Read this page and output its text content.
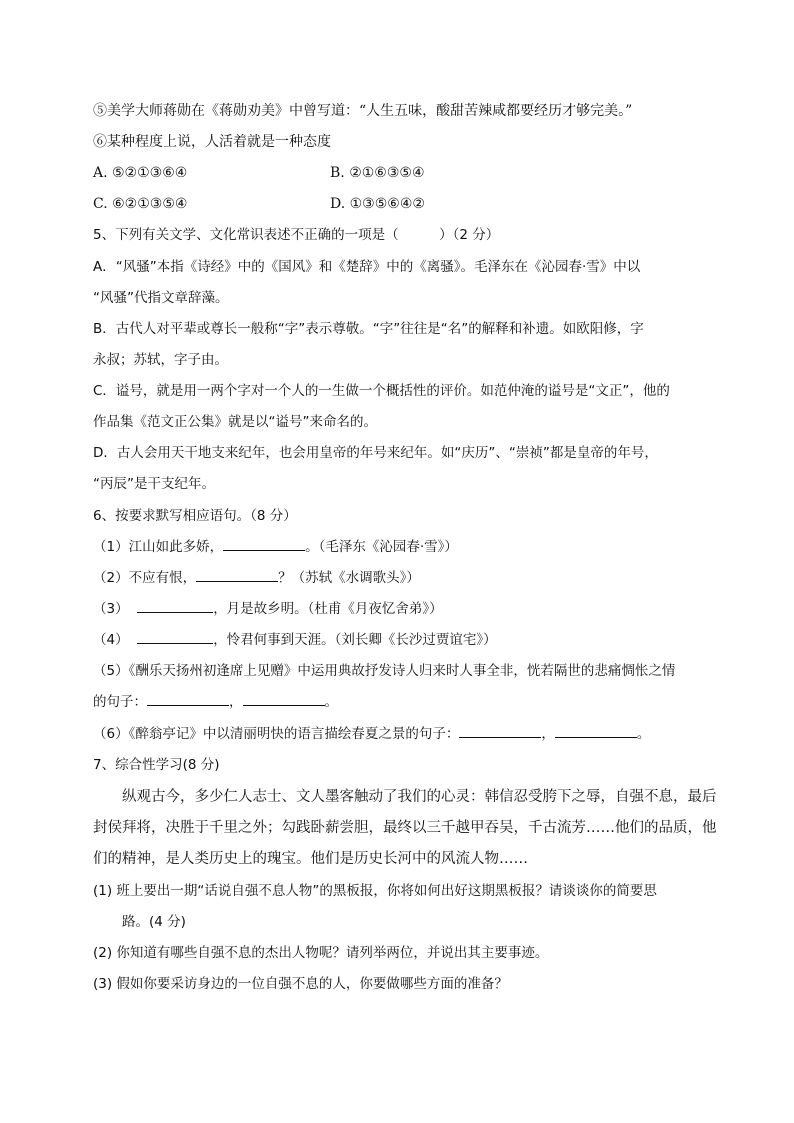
⑤美学大师蒋勋在《蒋勋劝美》中曾写道：“人生五味，酸甜苦辣咸都要经历才够完美。”
⑥某种程度上说，人活着就是一种态度
A. ⑤②①③⑥④	B. ②①⑥③⑤④
C. ⑥②①③⑤④	D. ①③⑤⑥④②
5、下列有关文学、文化常识表述不正确的一项是（　　　）（2 分）
A．“风骚”本指《诗经》中的《国风》和《楚辞》中的《离骚》。毛泽东在《沁园春·雪》中以
“风骚”代指文章辞藻。
B．古代人对平辈或尊长一般称“字”表示尊敬。“字”往往是“名”的解释和补遗。如欧阳修，字
永叔；苏轼，字子由。
C．谥号，就是用一两个字对一个人的一生做一个概括性的评价。如范仲淹的谥号是“文正”，他的
作品集《范文正公集》就是以“谥号”来命名的。
D．古人会用天干地支来纪年，也会用皇帝的年号来纪年。如“庆历”、“崇祯”都是皇帝的年号，
“丙辰”是干支纪年。
6、按要求默写相应语句。（8 分）
（1）江山如此多娇，	。（毛泽东《沁园春·雪》）
（2）不应有恨，	？（苏轼《水调歌头》）
（3）	，月是故乡明。（杜甫《月夜忆舍弟》）
（4）	，怜君何事到天涯。（刘长卿《长沙过贾谊宅》）
（5）《酬乐天扬州初逢席上见赠》中运用典故抒发诗人归来时人事全非，恍若隔世的悲痛惆怅之情
的句子：	，	。
（6）《醉翁亭记》中以清丽明快的语言描绘春夏之景的句子：	，	。
7、综合性学习(8 分)
纵观古今，多少仁人志士、文人墨客触动了我们的心灵：韩信忍受胯下之辱，自强不息，最后
封侯拜将，决胜于千里之外；勾践卧薪尝胆，最终以三千越甲吞吴，千古流芳……他们的品质，他
们的精神，是人类历史上的瑰宝。他们是历史长河中的风流人物……
(1) 班上要出一期“话说自强不息人物”的黑板报，你将如何出好这期黑板报？请谈谈你的简要思
路。(4 分)
(2) 你知道有哪些自强不息的杰出人物呢？请列举两位，并说出其主要事迹。
(3) 假如你要采访身边的一位自强不息的人，你要做哪些方面的准备？
